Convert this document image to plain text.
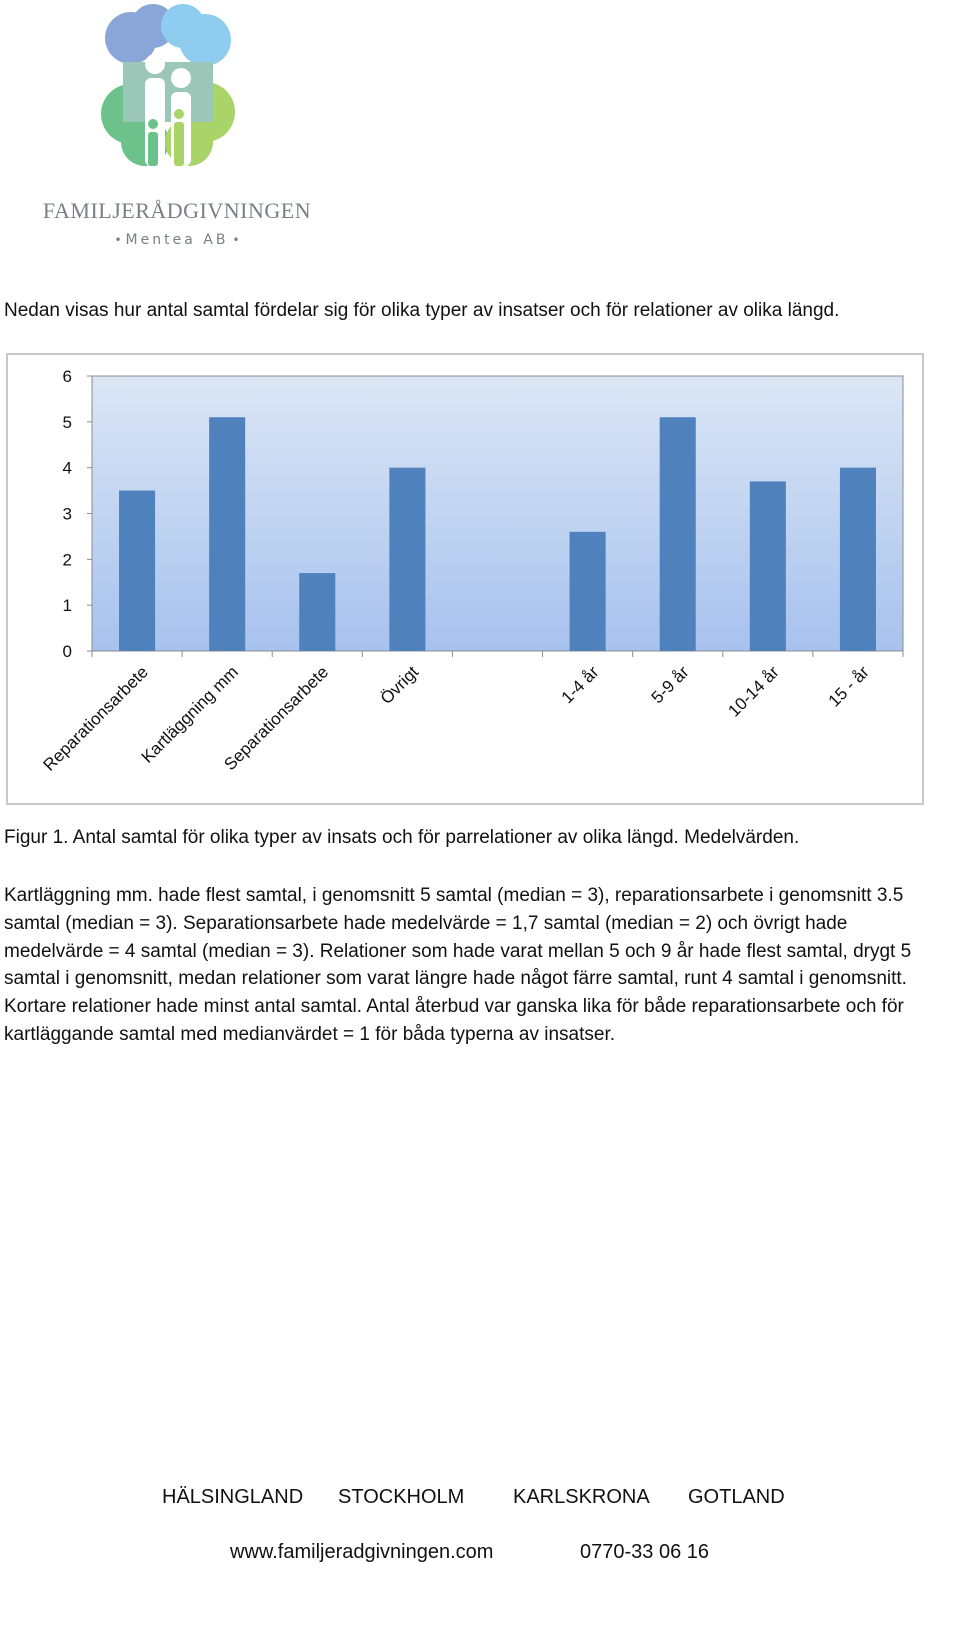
FAMILJERÅDGIVNINGEN
• Mentea AB •
Nedan visas hur antal samtal fördelar sig för olika typer av insatser och för relationer av olika längd.
0
1
2
3
4
5
6
Reparationsarbete
Kartläggning mm
Separationsarbete	Övrigt	1-4 år	5-9 år 10-14 år 15 - år
Figur 1. Antal samtal för olika typer av insats och för parrelationer av olika längd. Medelvärden.
Kartläggning mm. hade flest samtal, i genomsnitt 5 samtal (median = 3), reparationsarbete i genomsnitt 3.5 samtal (median = 3). Separationsarbete hade medelvärde = 1,7 samtal (median = 2) och övrigt hade medelvärde = 4 samtal (median = 3). Relationer som hade varat mellan 5 och 9 år hade flest samtal, drygt 5 samtal i genomsnitt, medan relationer som varat längre hade något färre samtal, runt 4 samtal i genomsnitt. Kortare relationer hade minst antal samtal. Antal återbud var ganska lika för både reparationsarbete och för kartläggande samtal med medianvärdet = 1 för båda typerna av insatser.
HÄLSINGLAND STOCKHOLM KARLSKRONA GOTLAND
www.familjeradgivningen.com	0770-33 06 16
